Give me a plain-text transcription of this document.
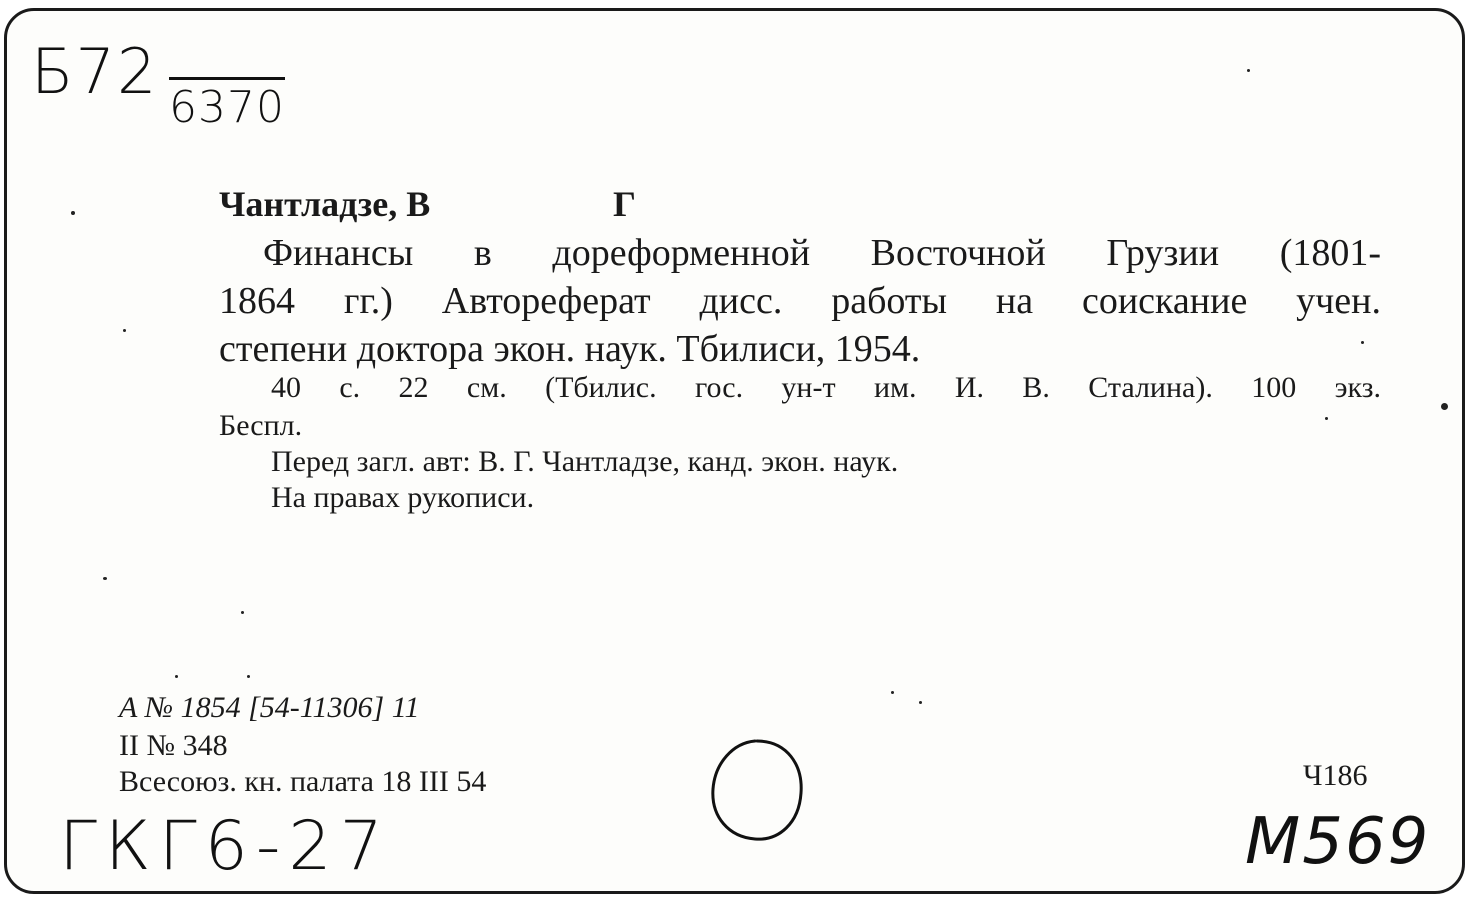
Б72 6370
Чантладзе, В	Г
Финансы в дореформенной Восточной Грузии (1801-
1864 гг.) Автореферат дисс. работы на соискание учен.
степени доктора экон. наук. Тбилиси, 1954.
40 с. 22 см. (Тбилис. гос. ун-т им. И. В. Сталина). 100 экз.
Беспл.
Перед загл. авт: В. Г. Чантладзе, канд. экон. наук.
На правах рукописи.
А № 1854 [54-11306] 11
II № 348
Всесоюз. кн. палата 18 III 54	Ч186
ГКГ6-27	М569
